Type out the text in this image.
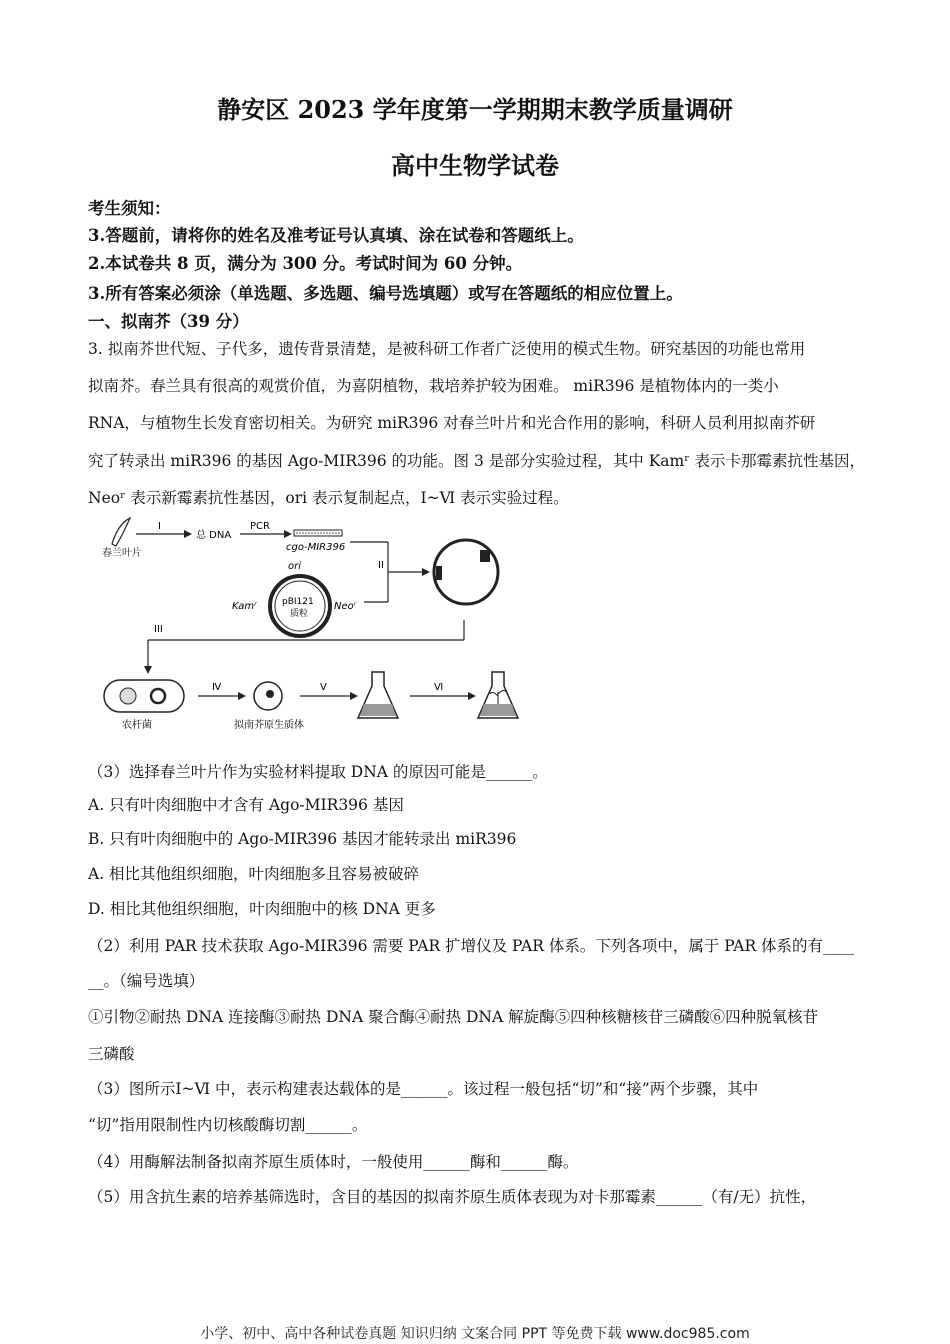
静安区 2023 学年度第一学期期末教学质量调研
高中生物学试卷
考生须知：
3.答题前，请将你的姓名及准考证号认真填、涂在试卷和答题纸上。
2.本试卷共 8 页，满分为 300 分。考试时间为 60 分钟。
3.所有答案必须涂（单选题、多选题、编号选填题）或写在答题纸的相应位置上。
一、拟南芥（39 分）
3. 拟南芥世代短、子代多，遗传背景清楚，是被科研工作者广泛使用的模式生物。研究基因的功能也常用
拟南芥。春兰具有很高的观赏价值，为喜阴植物，栽培养护较为困难。 miR396 是植物体内的一类小
RNA，与植物生长发育密切相关。为研究 miR396 对春兰叶片和光合作用的影响，科研人员利用拟南芥研
究了转录出 miR396 的基因 Ago-MIR396 的功能。图 3 是部分实验过程，其中 Kamʳ 表示卡那霉素抗性基因，
Neoʳ 表示新霉素抗性基因，ori 表示复制起点，I~Ⅵ 表示实验过程。
春兰叶片
I
总 DNA
PCR
cgo-MIR396
ori
pBI121
质粒
Kamʳ	Neoʳ
II
III
农杆菌
Ⅳ
拟南芥原生质体
Ⅴ	Ⅵ
（3）选择春兰叶片作为实验材料提取 DNA 的原因可能是______。
A. 只有叶肉细胞中才含有 Ago-MIR396 基因
B. 只有叶肉细胞中的 Ago-MIR396 基因才能转录出 miR396
A. 相比其他组织细胞，叶肉细胞多且容易被破碎
D. 相比其他组织细胞，叶肉细胞中的核 DNA 更多
（2）利用 PAR 技术获取 Ago-MIR396 需要 PAR 扩增仪及 PAR 体系。下列各项中，属于 PAR 体系的有____
__。（编号选填）
①引物②耐热 DNA 连接酶③耐热 DNA 聚合酶④耐热 DNA 解旋酶⑤四种核糖核苷三磷酸⑥四种脱氧核苷
三磷酸
（3）图所示Ⅰ~Ⅵ 中，表示构建表达载体的是______。该过程一般包括“切”和“接”两个步骤，其中
“切”指用限制性内切核酸酶切割______。
（4）用酶解法制备拟南芥原生质体时，一般使用______酶和______酶。
（5）用含抗生素的培养基筛选时，含目的基因的拟南芥原生质体表现为对卡那霉素______（有/无）抗性，
小学、初中、高中各种试卷真题 知识归纳 文案合同 PPT 等免费下载 www.doc985.com
